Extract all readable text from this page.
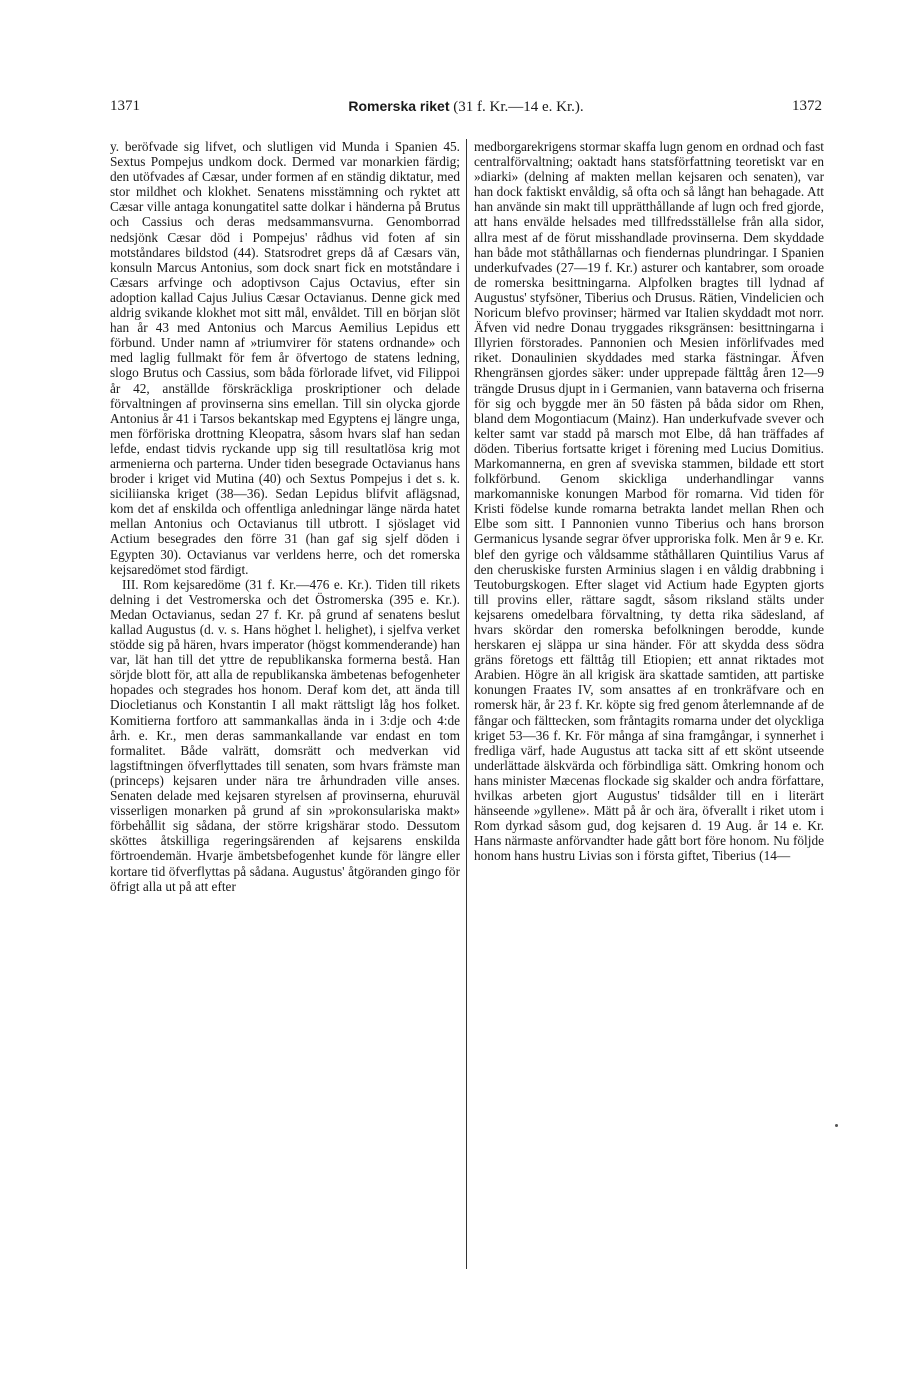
1371	Romerska riket (31 f. Kr.—14 e. Kr.).	1372

y. beröfvade sig lifvet, och slutligen vid Munda i Spanien 45. Sextus Pompejus undkom dock. Dermed var monarkien färdig; den utöfvades af Cæsar, under formen af en ständig diktatur, med stor mildhet och klokhet. Senatens misstämning och ryktet att Cæsar ville antaga konungatitel satte dolkar i händerna på Brutus och Cassius och deras medsammansvurna. Genomborrad nedsjönk Cæsar död i Pompejus' rådhus vid foten af sin motståndares bildstod (44). Statsrodret greps då af Cæsars vän, konsuln Marcus Antonius, som dock snart fick en motståndare i Cæsars arfvinge och adoptivson Cajus Octavius, efter sin adoption kallad Cajus Julius Cæsar Octavianus. Denne gick med aldrig svikande klokhet mot sitt mål, envåldet. Till en början slöt han år 43 med Antonius och Marcus Aemilius Lepidus ett förbund. Under namn af »triumvirer för statens ordnande» och med laglig fullmakt för fem år öfvertogo de statens ledning, slogo Brutus och Cassius, som båda förlorade lifvet, vid Filippoi år 42, anställde förskräckliga proskriptioner och delade förvaltningen af provinserna sins emellan. Till sin olycka gjorde Antonius år 41 i Tarsos bekantskap med Egyptens ej längre unga, men förföriska drottning Kleopatra, såsom hvars slaf han sedan lefde, endast tidvis ryckande upp sig till resultatlösa krig mot armenierna och parterna. Under tiden besegrade Octavianus hans broder i kriget vid Mutina (40) och Sextus Pompejus i det s. k. siciliianska kriget (38—36). Sedan Lepidus blifvit aflägsnad, kom det af enskilda och offentliga anledningar länge närda hatet mellan Antonius och Octavianus till utbrott. I sjöslaget vid Actium besegrades den förre 31 (han gaf sig sjelf döden i Egypten 30). Octavianus var verldens herre, och det romerska kejsaredömet stod färdigt.

III. Rom kejsaredöme (31 f. Kr.—476 e. Kr.). Tiden till rikets delning i det Vestromerska och det Östromerska (395 e. Kr.). Medan Octavianus, sedan 27 f. Kr. på grund af senatens beslut kallad Augustus (d. v. s. Hans höghet l. helighet), i sjelfva verket stödde sig på hären, hvars imperator (högst kommenderande) han var, lät han till det yttre de republikanska formerna bestå. Han sörjde blott för, att alla de republikanska ämbetenas befogenheter hopades och stegrades hos honom. Deraf kom det, att ända till Diocletianus och Konstantin I all makt rättsligt låg hos folket. Komitierna fortforo att sammankallas ända in i 3:dje och 4:de årh. e. Kr., men deras sammankallande var endast en tom formalitet. Både valrätt, domsrätt och medverkan vid lagstiftningen öfverflyttades till senaten, som hvars främste man (princeps) kejsaren under nära tre århundraden ville anses. Senaten delade med kejsaren styrelsen af provinserna, ehuruväl visserligen monarken på grund af sin »prokonsulariska makt» förbehållit sig sådana, der större krigshärar stodo. Dessutom sköttes åtskilliga regeringsärenden af kejsarens enskilda förtroendemän. Hvarje ämbetsbefogenhet kunde för längre eller kortare tid öfverflyttas på sådana. Augustus' åtgöranden gingo för öfrigt alla ut på att efter

medborgarekrigens stormar skaffa lugn genom en ordnad och fast centralförvaltning; oaktadt hans statsförfattning teoretiskt var en »diarki» (delning af makten mellan kejsaren och senaten), var han dock faktiskt envåldig, så ofta och så långt han behagade. Att han använde sin makt till upprätthållande af lugn och fred gjorde, att hans envälde helsades med tillfredsställelse från alla sidor, allra mest af de förut misshandlade provinserna. Dem skyddade han både mot ståthållarnas och fiendernas plundringar. I Spanien underkufvades (27—19 f. Kr.) asturer och kantabrer, som oroade de romerska besittningarna. Alpfolken bragtes till lydnad af Augustus' styfsöner, Tiberius och Drusus. Rätien, Vindelicien och Noricum blefvo provinser; härmed var Italien skyddadt mot norr. Äfven vid nedre Donau tryggades riksgränsen: besittningarna i Illyrien förstorades. Pannonien och Mesien införlifvades med riket. Donaulinien skyddades med starka fästningar. Äfven Rhengränsen gjordes säker: under upprepade fälttåg åren 12—9 trängde Drusus djupt in i Germanien, vann bataverna och friserna för sig och byggde mer än 50 fästen på båda sidor om Rhen, bland dem Mogontiacum (Mainz). Han underkufvade svever och kelter samt var stadd på marsch mot Elbe, då han träffades af döden. Tiberius fortsatte kriget i förening med Lucius Domitius. Markomannerna, en gren af sveviska stammen, bildade ett stort folkförbund. Genom skickliga underhandlingar vanns markomanniske konungen Marbod för romarna. Vid tiden för Kristi födelse kunde romarna betrakta landet mellan Rhen och Elbe som sitt. I Pannonien vunno Tiberius och hans brorson Germanicus lysande segrar öfver upproriska folk. Men år 9 e. Kr. blef den gyrige och våldsamme ståthållaren Quintilius Varus af den cheruskiske fursten Arminius slagen i en våldig drabbning i Teutoburgskogen. Efter slaget vid Actium hade Egypten gjorts till provins eller, rättare sagdt, såsom riksland stälts under kejsarens omedelbara förvaltning, ty detta rika sädesland, af hvars skördar den romerska befolkningen berodde, kunde herskaren ej släppa ur sina händer. För att skydda dess södra gräns företogs ett fälttåg till Etiopien; ett annat riktades mot Arabien. Högre än all krigisk ära skattade samtiden, att partiske konungen Fraates IV, som ansattes af en tronkräfvare och en romersk här, år 23 f. Kr. köpte sig fred genom återlemnande af de fångar och fälttecken, som fråntagits romarna under det olyckliga kriget 53—36 f. Kr. För många af sina framgångar, i synnerhet i fredliga värf, hade Augustus att tacka sitt af ett skönt utseende underlättade älskvärda och förbindliga sätt. Omkring honom och hans minister Mæcenas flockade sig skalder och andra författare, hvilkas arbeten gjort Augustus' tidsålder till en i literärt hänseende »gyllene». Mätt på år och ära, öfverallt i riket utom i Rom dyrkad såsom gud, dog kejsaren d. 19 Aug. år 14 e. Kr. Hans närmaste anförvandter hade gått bort före honom. Nu följde honom hans hustru Livias son i första giftet, Tiberius (14—
